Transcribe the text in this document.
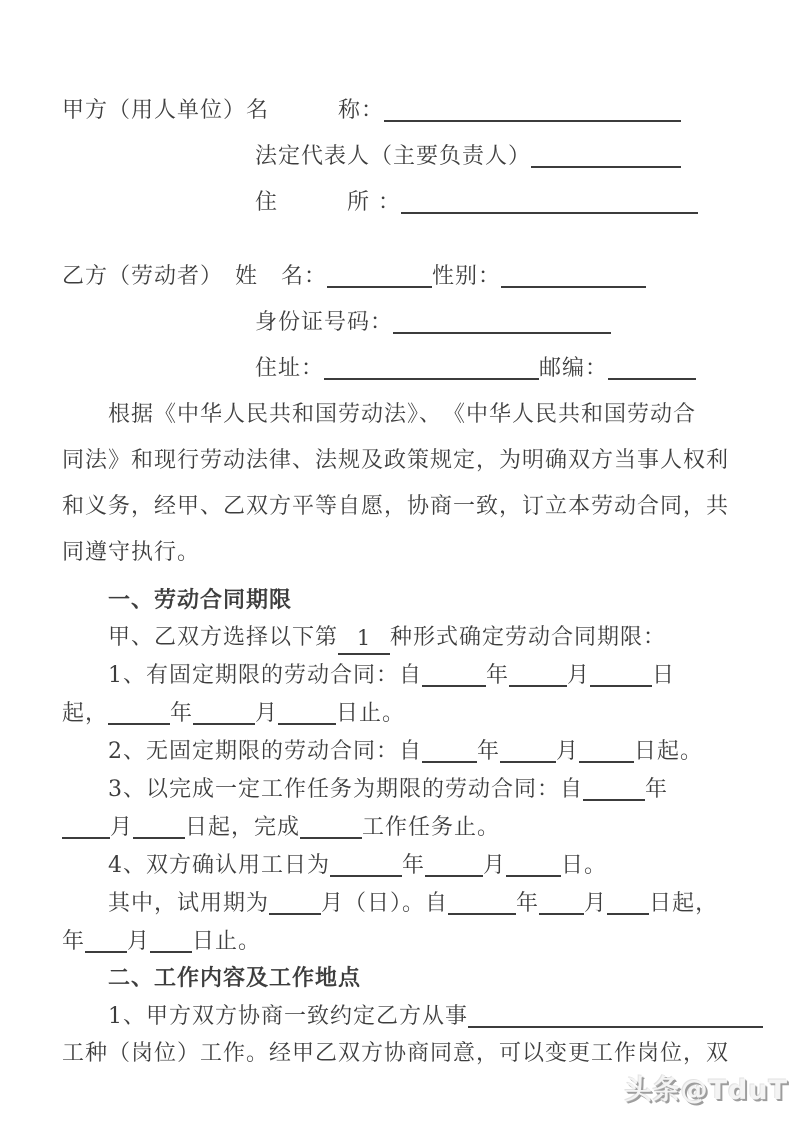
甲方（用人单位）名　　　称：
法定代表人（主要负责人）
住　　　所 ：
乙方（劳动者）　姓　名：	性别：
身份证号码：
住址：	邮编：
根据《中华人民共和国劳动法》、　《中华人民共和国劳动合
同法》和现行劳动法律、法规及政策规定，为明确双方当事人权利
和义务，经甲、乙双方平等自愿，协商一致，订立本劳动合同，共
同遵守执行。
一、劳动合同期限
甲、乙双方选择以下第 1 种形式确定劳动合同期限：
1、有固定期限的劳动合同：自	年	月	日
起，	年	月	日止。
2、无固定期限的劳动合同：自	年	月	日起。
3、以完成一定工作任务为期限的劳动合同：自	年
月 日起，完成	工作任务止。
4、双方确认用工日为	年	月	日。
其中，试用期为 月（日）。自	年 月 日起，
年 月 日止。
二、工作内容及工作地点
1、甲方双方协商一致约定乙方从事
工种（岗位）工作。经甲乙双方协商同意，可以变更工作岗位，双
头条@TduT
